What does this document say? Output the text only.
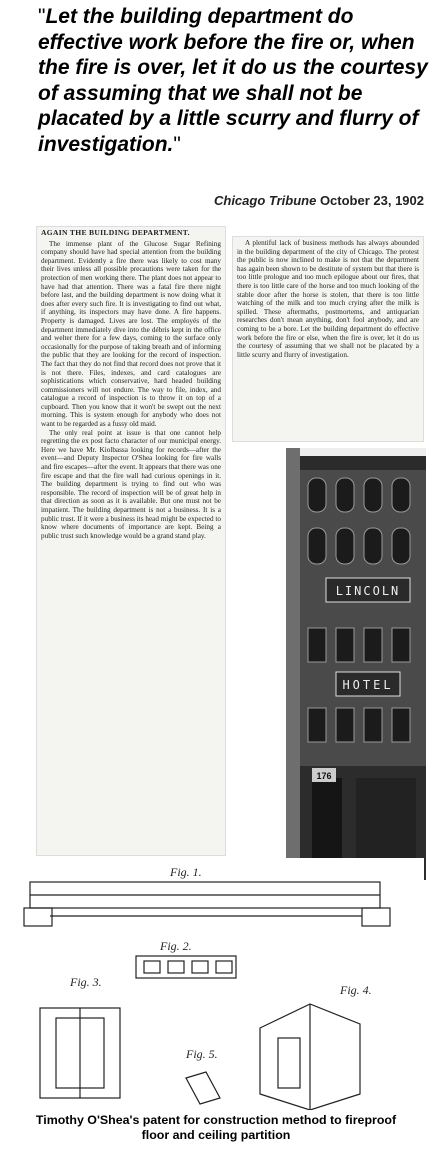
"Let the building department do effective work before the fire or, when the fire is over, let it do us the courtesy of assuming that we shall not be placated by a little scurry and flurry of investigation."
Chicago Tribune October 23, 1902
AGAIN THE BUILDING DEPARTMENT.

The immense plant of the Glucose Sugar Refining company should have had special attention from the building department. Evidently a fire there was likely to cost many their lives unless all possible precautions were taken for the protection of men working there. The plant does not appear to have had that attention. There was a fatal fire there night before last, and the building department is now doing what it does after every such fire. It is investigating to find out what, if anything, its inspectors may have done. A fire happens. Property is damaged. Lives are lost. The employés of the department immediately dive into the débris kept in the office and welter there for a few days, coming to the surface only occasionally for the purpose of taking breath and of informing the public that they are looking for the record of inspection. The fact that they do not find that record does not prove that it is not there. Files, indexes, and card catalogues are sophistications which conservative, hard headed building commissioners will not endure. The way to file, index, and catalogue a record of inspection is to throw it on top of a cupboard. Then you know that it won't be swept out the next morning. This is system enough for anybody who does not want to be regarded as a fussy old maid.

The only real point at issue is that one cannot help regretting the ex post facto character of our municipal energy. Here we have Mr. Kiolbassa looking for records—after the event—and Deputy Inspector O'Shea looking for fire walls and fire escapes—after the event. It appears that there was one fire escape and that the fire wall had curious openings in it. The building department is trying to find out who was responsible. The record of inspection will be of great help in that direction as soon as it is available. But one must not be impatient. The building department is not a business. It is a public trust. If it were a business its head might be expected to know where documents of importance are kept. Being a public trust such knowledge would be a grand stand play.

A plentiful lack of business methods has always abounded in the building department of the city of Chicago. The protest the public is now inclined to make is not that the department has again been shown to be destitute of system but that there is too little prologue and too much epilogue about our fires, that there is too little care of the horse and too much looking of the stable door after the horse is stolen, that there is too little watching of the milk and too much crying after the milk is spilled. These aftermaths, postmortems, and antiquarian researches don't mean anything, don't fool anybody, and are coming to be a bore. Let the building department do effective work before the fire or else, when the fire is over, let it do us the courtesy of assuming that we shall not be placated by a little scurry and flurry of investigation.

LINCOLN
HOTEL
176
Fig. 1.
Fig. 2.
Fig. 3.
Fig. 5.
Fig. 4.
Timothy O'Shea's patent for construction method to fireproof
floor and ceiling partition
